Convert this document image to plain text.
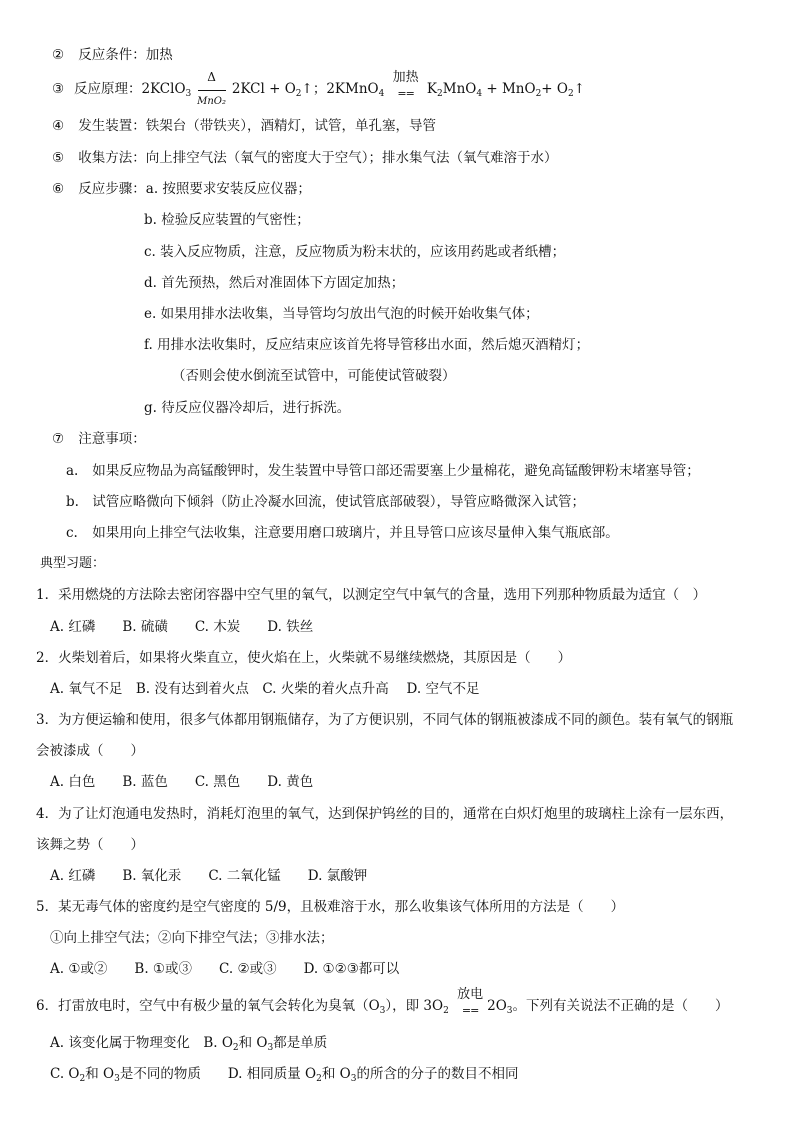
② 反应条件：加热
③ 反应原理：2KClO$_3$
Δ
MnO₂
$2KCl + O_2↑$；2KMnO$_4$
加热
== $K_2MnO_4 + MnO_2+$ $O_2↑$
④ 发生装置：铁架台（带铁夹），酒精灯，试管，单孔塞，导管
⑤ 收集方法：向上排空气法（氧气的密度大于空气）；排水集气法（氧气难溶于水）
⑥ 反应步骤：a. 按照要求安装反应仪器；
b. 检验反应装置的气密性；
c. 装入反应物质，注意，反应物质为粉末状的，应该用药匙或者纸槽；
d. 首先预热，然后对准固体下方固定加热；
e. 如果用排水法收集，当导管均匀放出气泡的时候开始收集气体；
f. 用排水法收集时，反应结束应该首先将导管移出水面，然后熄灭酒精灯；
（否则会使水倒流至试管中，可能使试管破裂）
g. 待反应仪器冷却后，进行拆洗。
⑦ 注意事项：
a. 如果反应物品为高锰酸钾时，发生装置中导管口部还需要塞上少量棉花，避免高锰酸钾粉末堵塞导管；
b. 试管应略微向下倾斜（防止冷凝水回流，使试管底部破裂），导管应略微深入试管；
c. 如果用向上排空气法收集，注意要用磨口玻璃片，并且导管口应该尽量伸入集气瓶底部。
典型习题：
1．采用燃烧的方法除去密闭容器中空气里的氧气，以测定空气中氧气的含量，选用下列那种物质最为适宜（　）
A. 红磷　　B. 硫磺　　C. 木炭　　D. 铁丝
2．火柴划着后，如果将火柴直立，使火焰在上，火柴就不易继续燃烧，其原因是（　　）
A. 氧气不足　B. 没有达到着火点　C. 火柴的着火点升高　 D. 空气不足
3．为方便运输和使用，很多气体都用钢瓶储存，为了方便识别，不同气体的钢瓶被漆成不同的颜色。装有氧气的钢瓶
会被漆成（　　）
A. 白色　　B. 蓝色　　C. 黑色　　D. 黄色
4．为了让灯泡通电发热时，消耗灯泡里的氧气，达到保护钨丝的目的，通常在白炽灯炮里的玻璃柱上涂有一层东西，
该舞之势（　　）
A. 红磷　　B. 氧化汞　　C. 二氧化锰　　D. 氯酸钾
5．某无毒气体的密度约是空气密度的 5/9，且极难溶于水，那么收集该气体所用的方法是（　　）
①向上排空气法；②向下排空气法；③排水法；
A. ①或②　　B. ①或③　　C. ②或③　　D. ①②③都可以
6．打雷放电时，空气中有极少量的氧气会转化为臭氧$(O_3)$，即 $3O_2$
放电
== $2O_3$。下列有关说法不正确的是（　　）
A. 该变化属于物理变化　B. $O_2$和 $O_3$都是单质
C. $O_2$和 $O_3$是不同的物质　　D. 相同质量 $O_2$和 $O_3$的所含的分子的数目不相同
